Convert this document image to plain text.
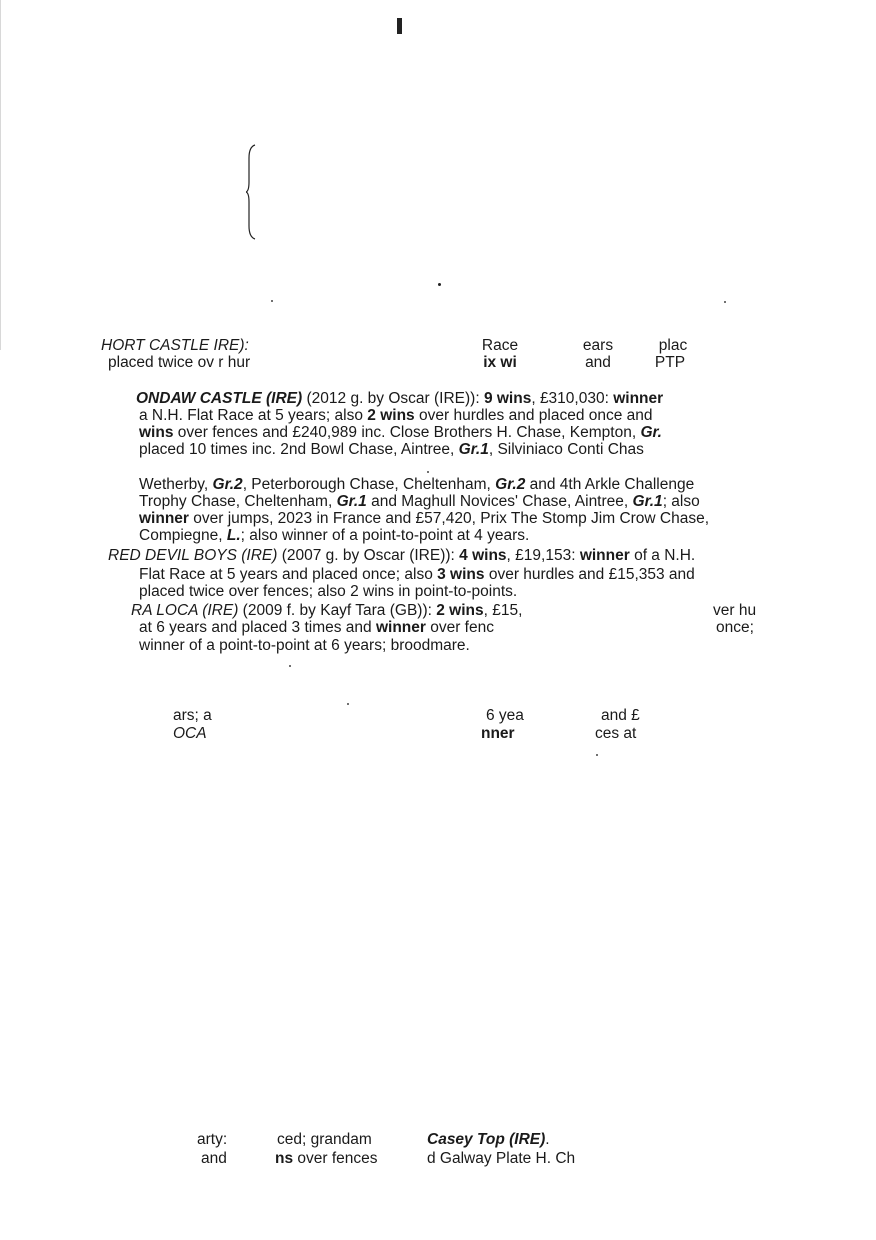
HORT CASTLE IRE):
placed twice ov r hur
Race
ix wi
ears
and
plac
PTP
ONDAW CASTLE (IRE) (2012 g. by Oscar (IRE)): 9 wins, £310,030: winner
a N.H. Flat Race at 5 years; also 2 wins over hurdles and placed once and
wins over fences and £240,989 inc. Close Brothers H. Chase, Kempton, Gr.
placed 10 times inc. 2nd Bowl Chase, Aintree, Gr.1, Silviniaco Conti Chas
Wetherby, Gr.2, Peterborough Chase, Cheltenham, Gr.2 and 4th Arkle Challenge
Trophy Chase, Cheltenham, Gr.1 and Maghull Novices' Chase, Aintree, Gr.1; also
winner over jumps, 2023 in France and £57,420, Prix The Stomp Jim Crow Chase,
Compiegne, L.; also winner of a point-to-point at 4 years.
RED DEVIL BOYS (IRE) (2007 g. by Oscar (IRE)): 4 wins, £19,153: winner of a N.H.
Flat Race at 5 years and placed once; also 3 wins over hurdles and £15,353 and
placed twice over fences; also 2 wins in point-to-points.
RA LOCA (IRE) (2009 f. by Kayf Tara (GB)): 2 wins, £15,	ver hu
at 6 years and placed 3 times and winner over fenc	once;
winner of a point-to-point at 6 years; broodmare.
ars; a
OCA
6 yea
nner
and £
ces at
arty:
and
ced; grandam
ns over fences
Casey Top (IRE).
d Galway Plate H. Ch
